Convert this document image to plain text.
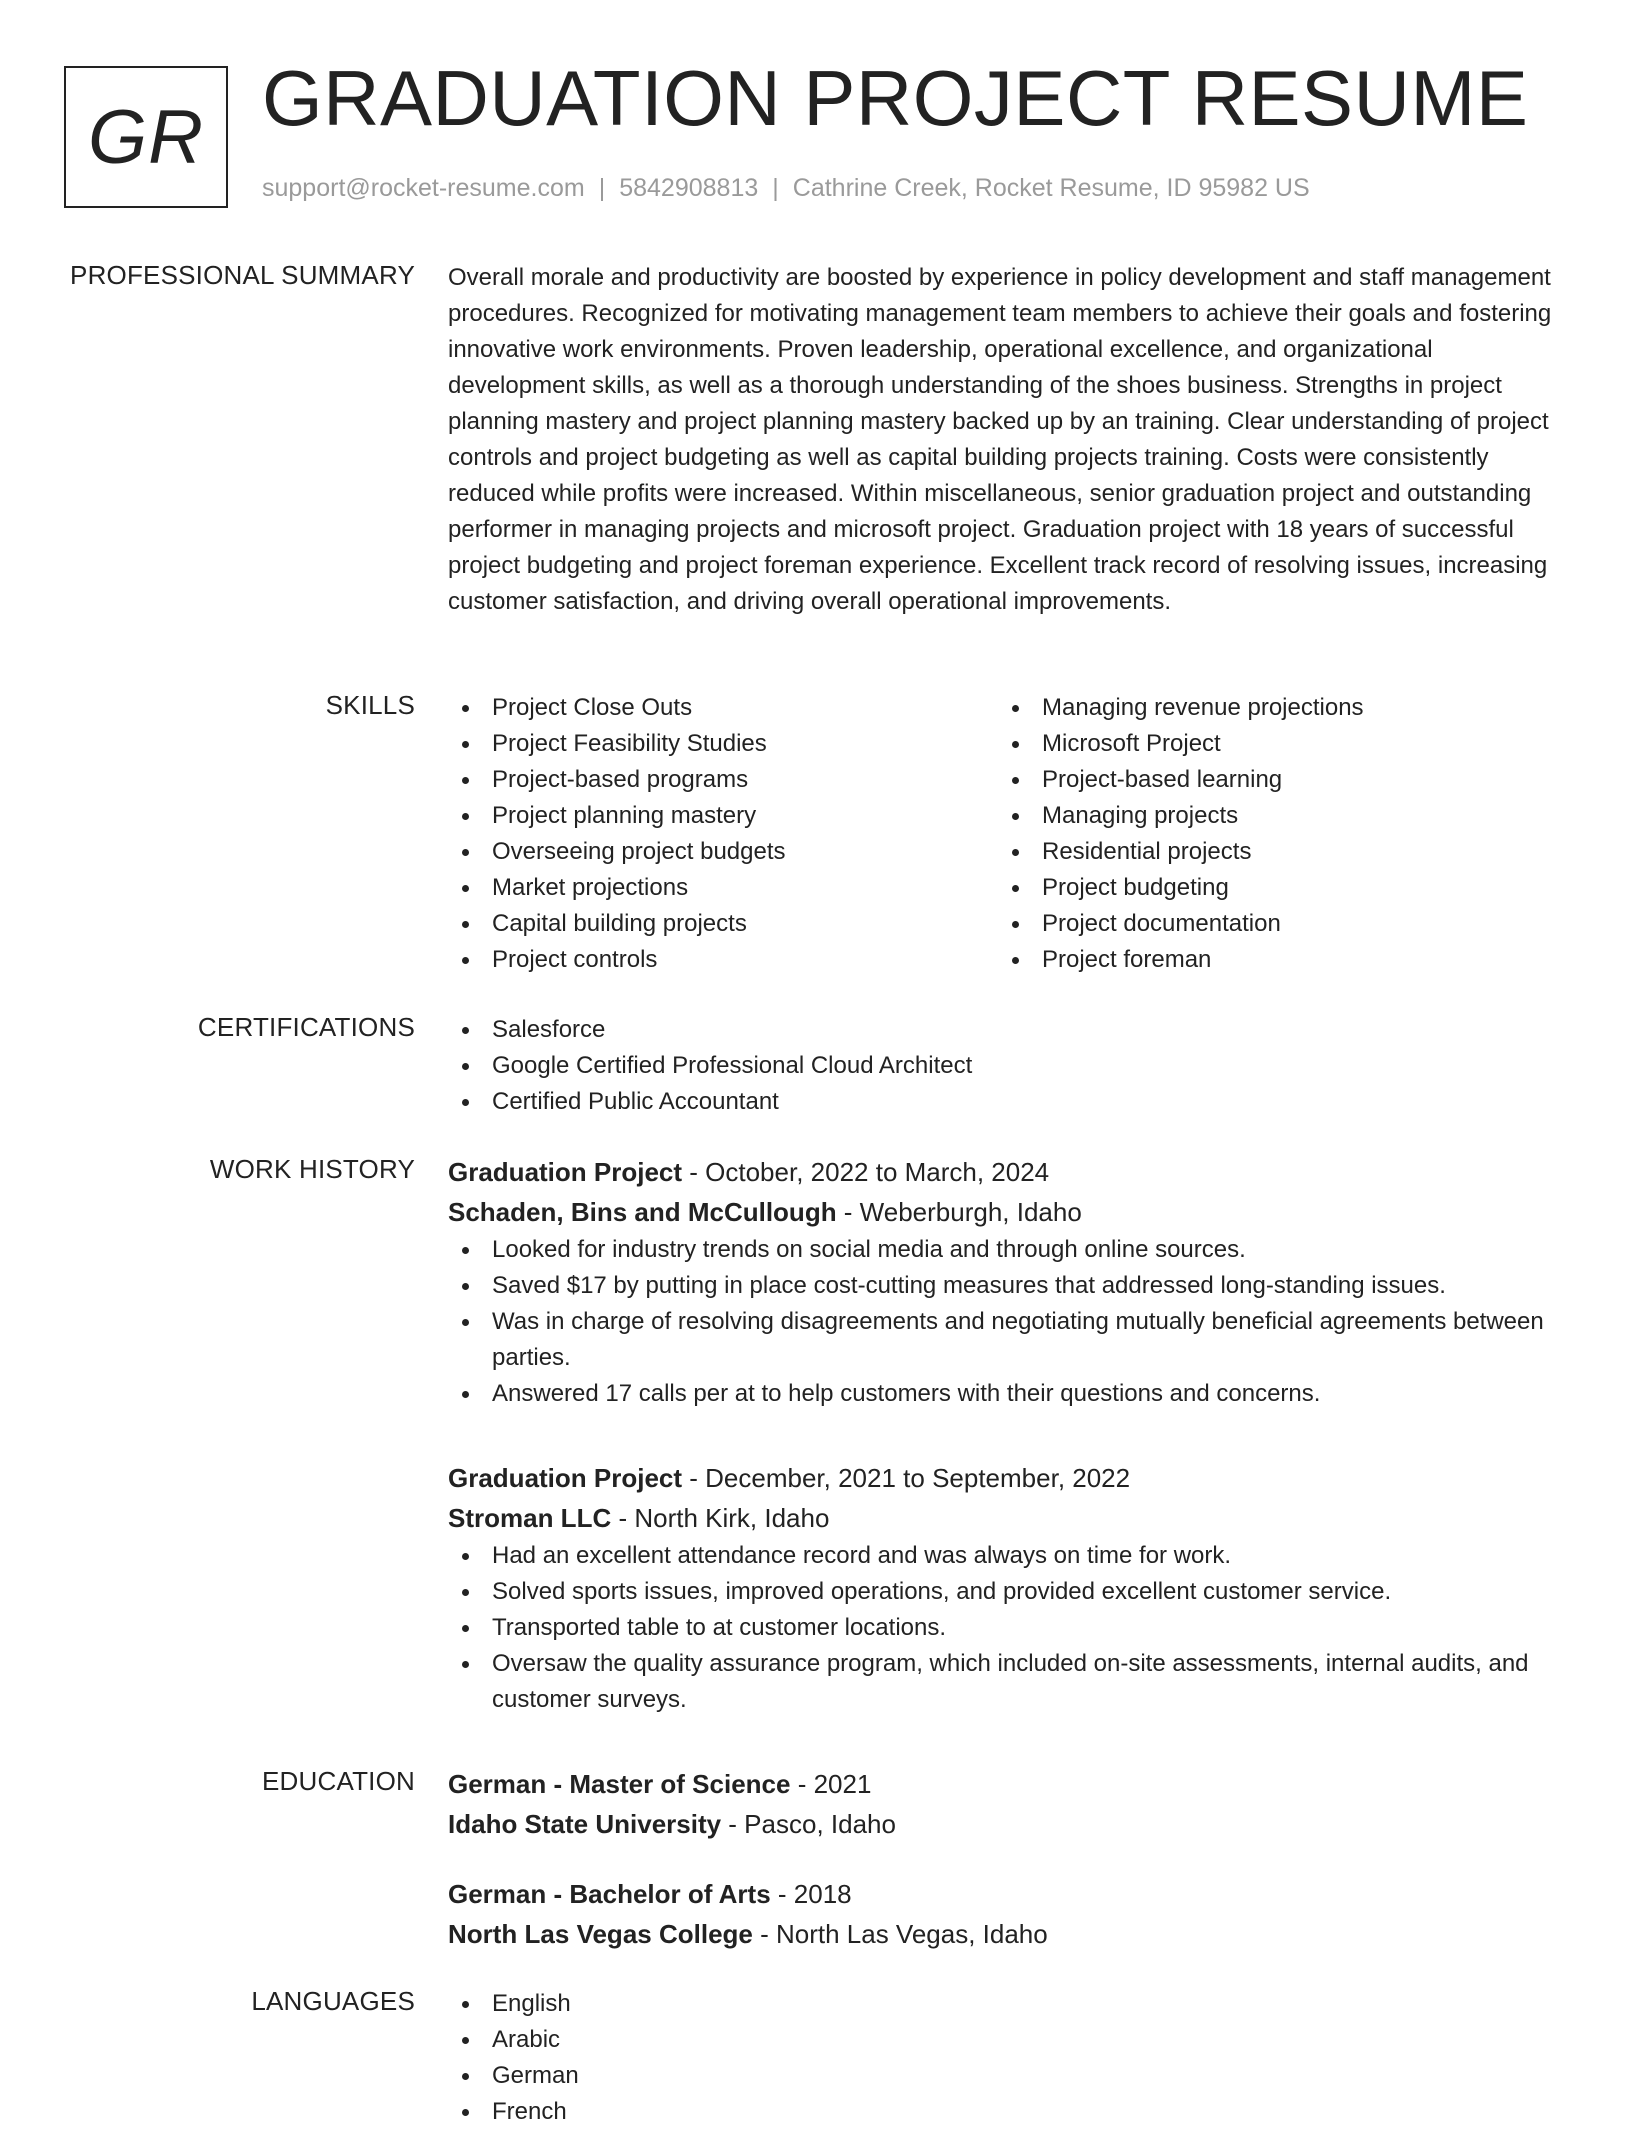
GR GRADUATION PROJECT RESUME
support@rocket-resume.com | 5842908813 | Cathrine Creek, Rocket Resume, ID 95982 US
PROFESSIONAL SUMMARY Overall morale and productivity are boosted by experience in policy development and staff management procedures. Recognized for motivating management team members to achieve their goals and fostering innovative work environments. Proven leadership, operational excellence, and organizational development skills, as well as a thorough understanding of the shoes business. Strengths in project planning mastery and project planning mastery backed up by an training. Clear understanding of project controls and project budgeting as well as capital building projects training. Costs were consistently reduced while profits were increased. Within miscellaneous, senior graduation project and outstanding performer in managing projects and microsoft project. Graduation project with 18 years of successful project budgeting and project foreman experience. Excellent track record of resolving issues, increasing customer satisfaction, and driving overall operational improvements.

SKILLS	Project Close Outs
Project Feasibility Studies
Project-based programs
Project planning mastery
Overseeing project budgets
Market projections
Capital building projects
Project controls
Managing revenue projections
Microsoft Project
Project-based learning
Managing projects
Residential projects
Project budgeting
Project documentation
Project foreman
CERTIFICATIONS	Salesforce
Google Certified Professional Cloud Architect
Certified Public Accountant
WORK HISTORY Graduation Project - October, 2022 to March, 2024
Schaden, Bins and McCullough - Weberburgh, Idaho
Looked for industry trends on social media and through online sources.
Saved $17 by putting in place cost-cutting measures that addressed long-standing issues.
Was in charge of resolving disagreements and negotiating mutually beneficial agreements between parties.
Answered 17 calls per at to help customers with their questions and concerns.
Graduation Project - December, 2021 to September, 2022
Stroman LLC - North Kirk, Idaho
Had an excellent attendance record and was always on time for work.
Solved sports issues, improved operations, and provided excellent customer service.
Transported table to at customer locations.
Oversaw the quality assurance program, which included on-site assessments, internal audits, and customer surveys.
EDUCATION German - Master of Science - 2021
Idaho State University - Pasco, Idaho
German - Bachelor of Arts - 2018
North Las Vegas College - North Las Vegas, Idaho
LANGUAGES	English
Arabic
German
French
